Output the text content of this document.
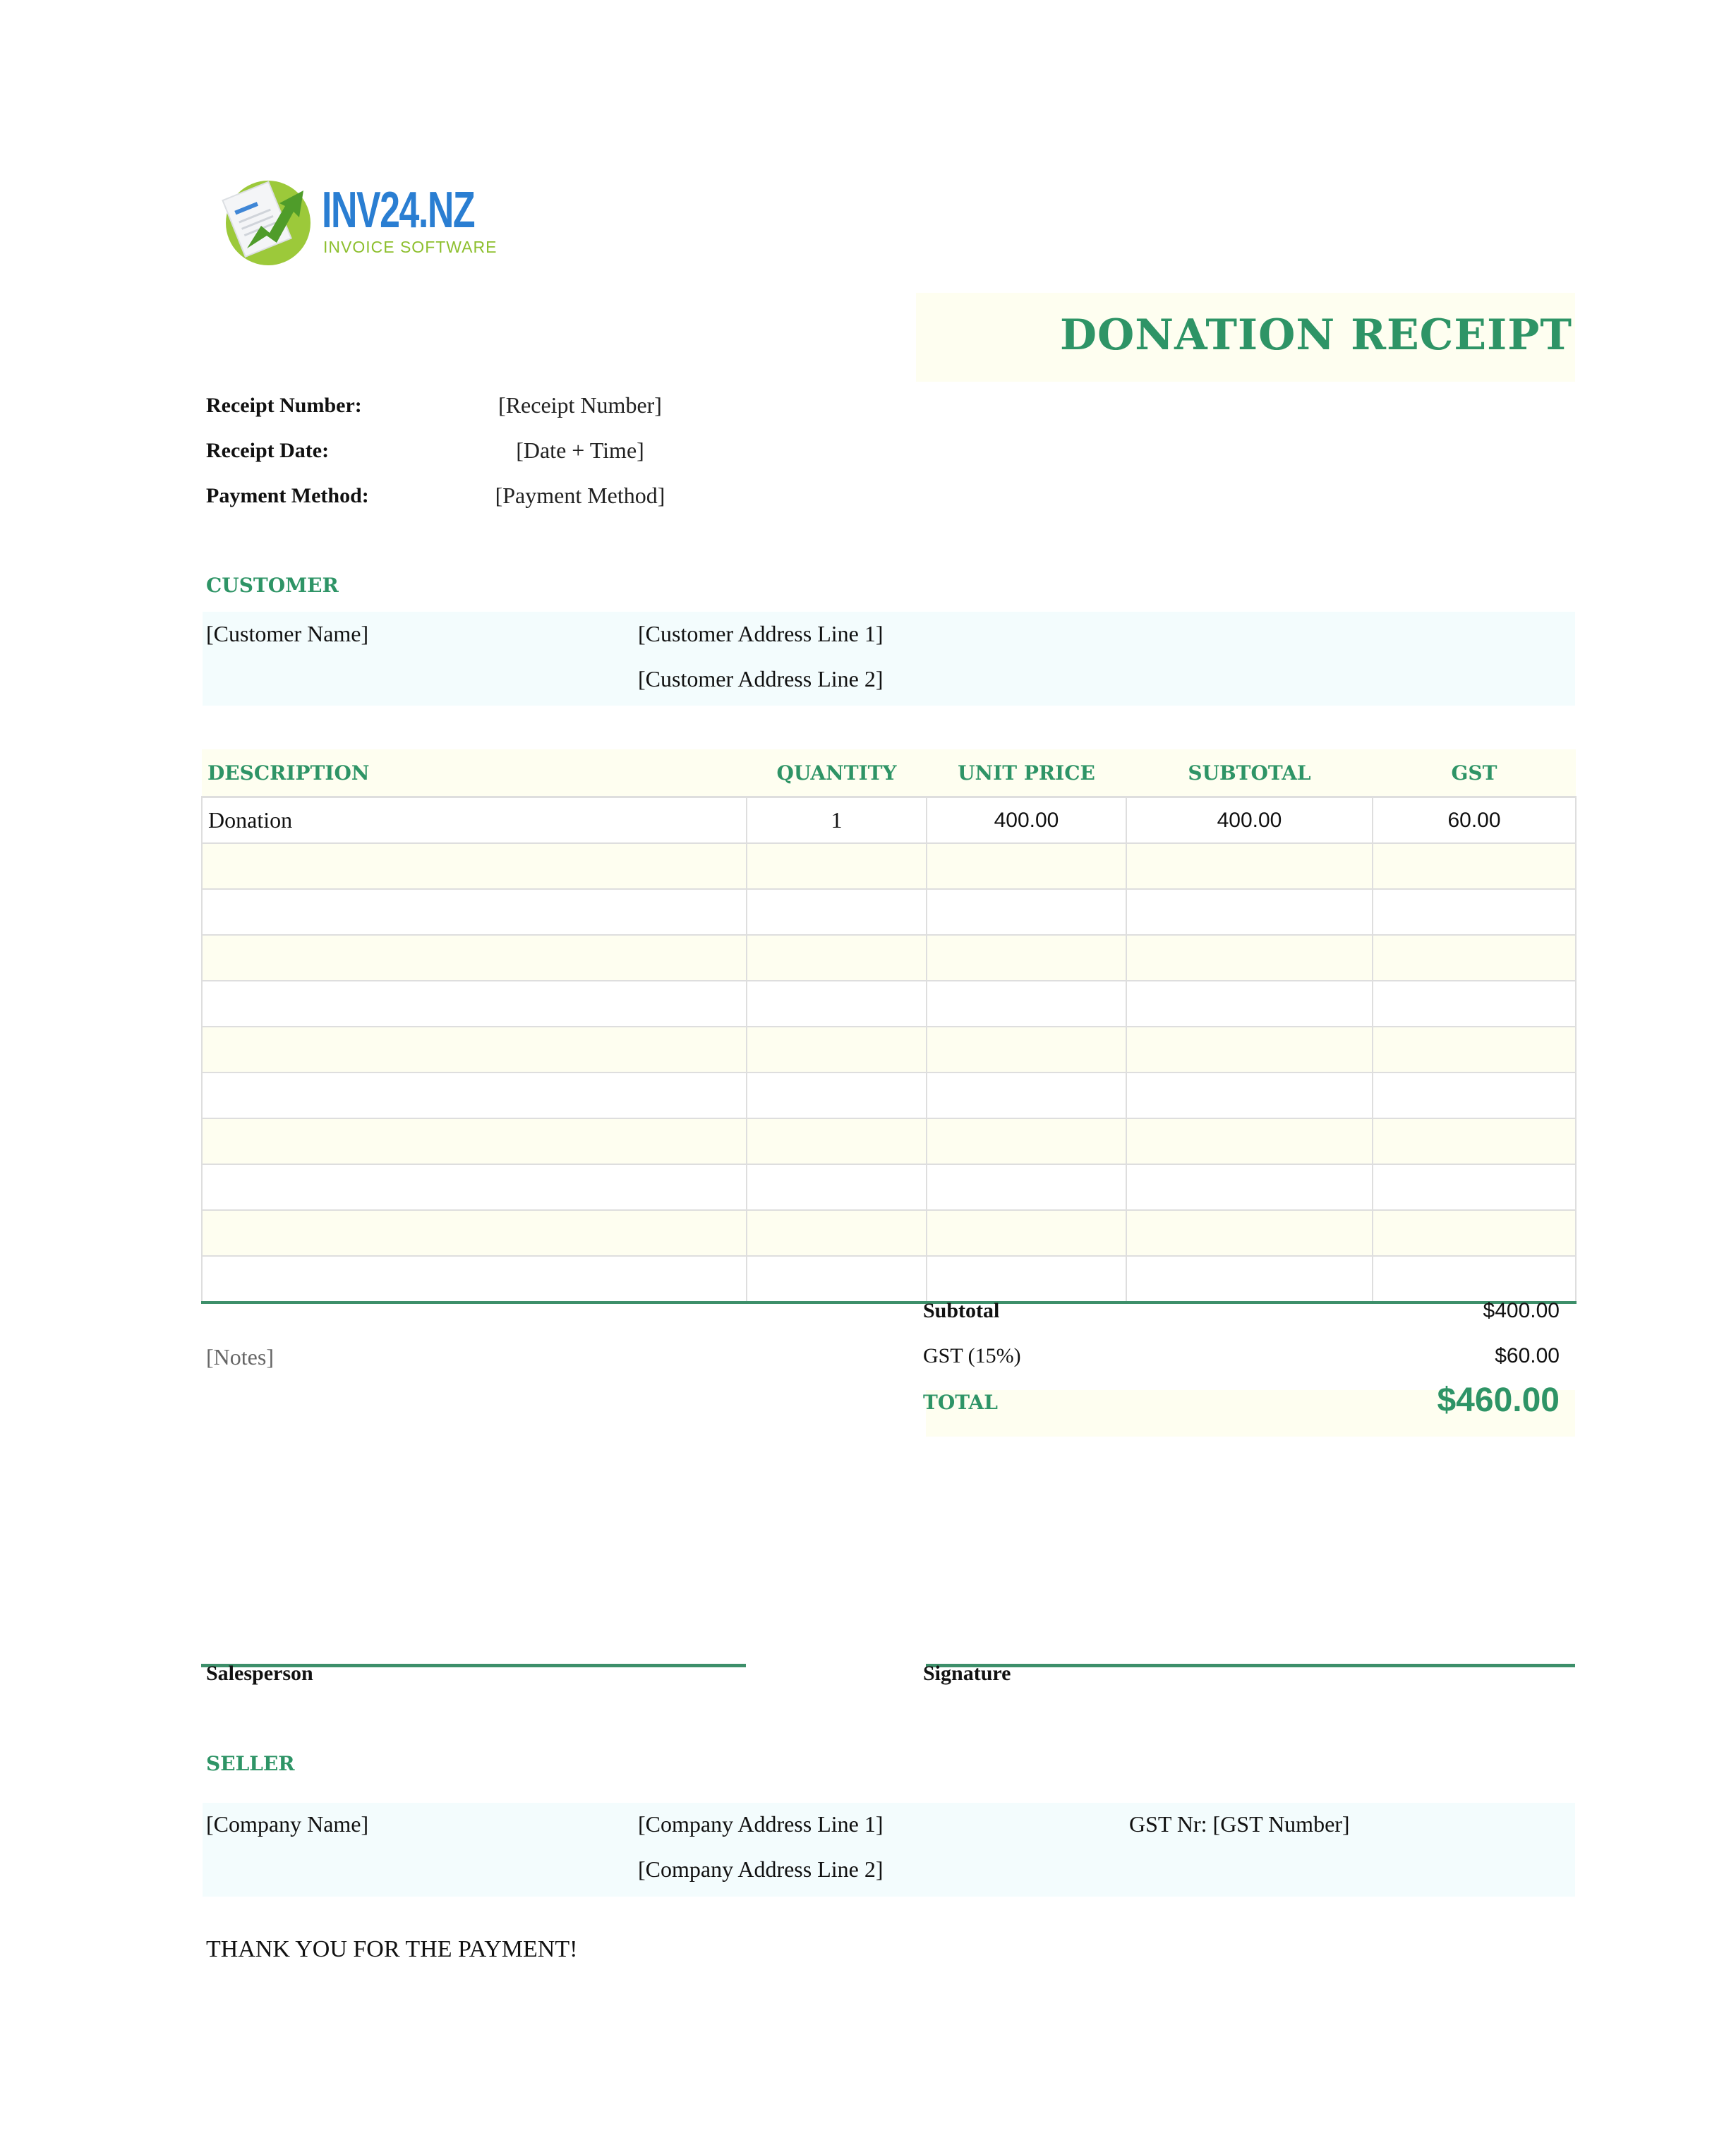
INV24.NZ
INVOICE SOFTWARE
DONATION RECEIPT
Receipt Number:	[Receipt Number]
Receipt Date:	[Date + Time]
Payment Method:	[Payment Method]
CUSTOMER
[Customer Name]	[Customer Address Line 1]
[Customer Address Line 2]
DESCRIPTION	QUANTITY	UNIT PRICE	SUBTOTAL	GST
Donation	1	400.00	400.00	60.00

[Notes]
Subtotal	$400.00
GST (15%)	$60.00
TOTAL	$460.00
Salesperson	Signature
SELLER
[Company Name]	[Company Address Line 1]
[Company Address Line 2]
GST Nr: [GST Number]
THANK YOU FOR THE PAYMENT!
